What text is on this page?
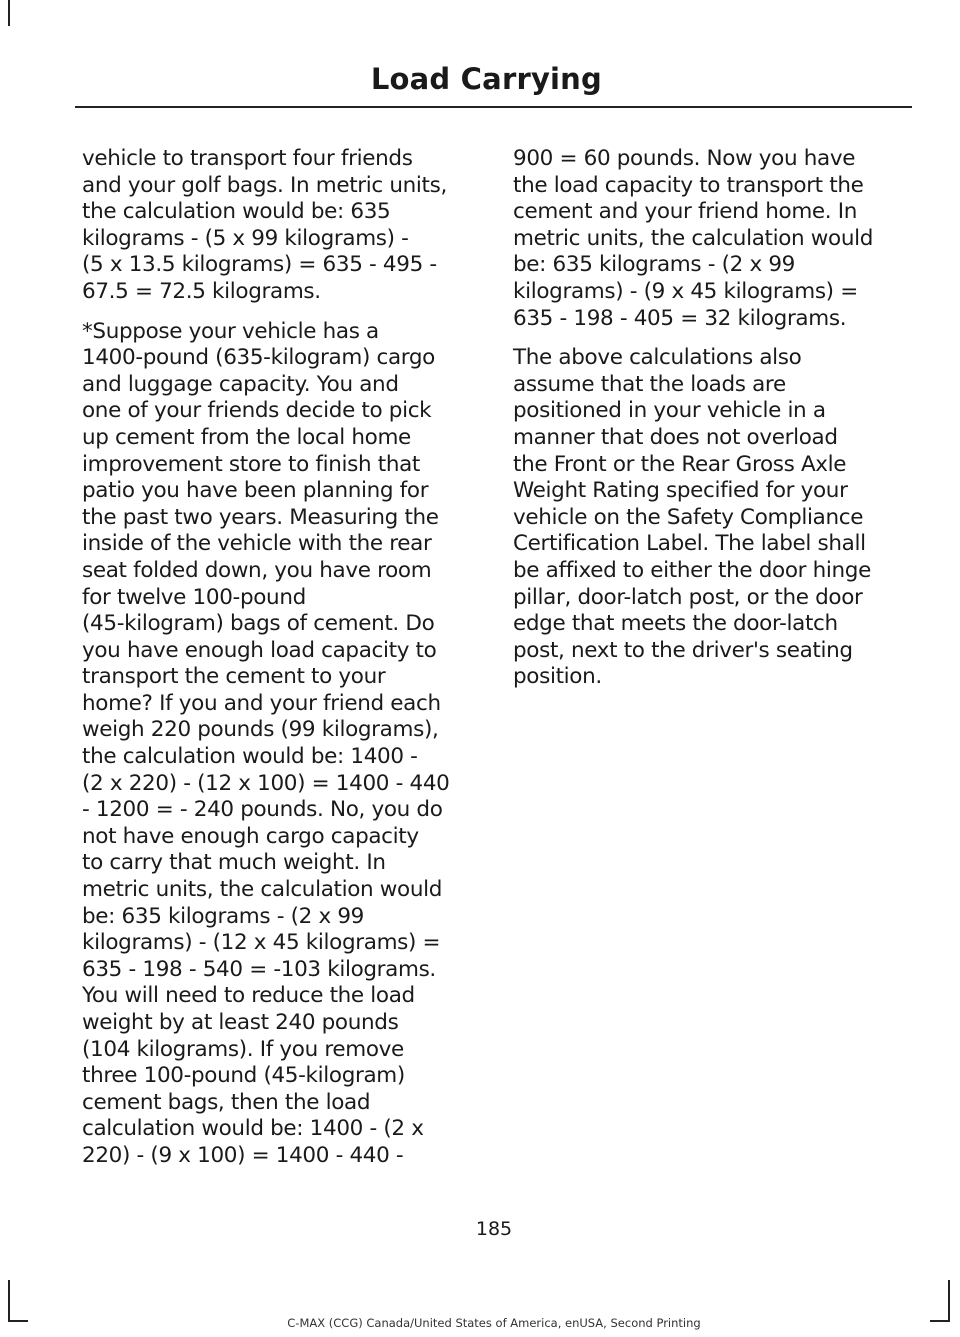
Load Carrying

vehicle to transport four friends
and your golf bags. In metric units,
the calculation would be: 635
kilograms - (5 x 99 kilograms) -
(5 x 13.5 kilograms) = 635 - 495 -
67.5 = 72.5 kilograms.

*Suppose your vehicle has a
1400-pound (635-kilogram) cargo
and luggage capacity. You and
one of your friends decide to pick
up cement from the local home
improvement store to finish that
patio you have been planning for
the past two years. Measuring the
inside of the vehicle with the rear
seat folded down, you have room
for twelve 100-pound
(45-kilogram) bags of cement. Do
you have enough load capacity to
transport the cement to your
home? If you and your friend each
weigh 220 pounds (99 kilograms),
the calculation would be: 1400 -
(2 x 220) - (12 x 100) = 1400 - 440
- 1200 = - 240 pounds. No, you do
not have enough cargo capacity
to carry that much weight. In
metric units, the calculation would
be: 635 kilograms - (2 x 99
kilograms) - (12 x 45 kilograms) =
635 - 198 - 540 = -103 kilograms.
You will need to reduce the load
weight by at least 240 pounds
(104 kilograms). If you remove
three 100-pound (45-kilogram)
cement bags, then the load
calculation would be: 1400 - (2 x
220) - (9 x 100) = 1400 - 440 -

900 = 60 pounds. Now you have
the load capacity to transport the
cement and your friend home. In
metric units, the calculation would
be: 635 kilograms - (2 x 99
kilograms) - (9 x 45 kilograms) =
635 - 198 - 405 = 32 kilograms.

The above calculations also
assume that the loads are
positioned in your vehicle in a
manner that does not overload
the Front or the Rear Gross Axle
Weight Rating specified for your
vehicle on the Safety Compliance
Certification Label. The label shall
be affixed to either the door hinge
pillar, door-latch post, or the door
edge that meets the door-latch
post, next to the driver's seating
position.

185
C-MAX (CCG) Canada/United States of America, enUSA, Second Printing
